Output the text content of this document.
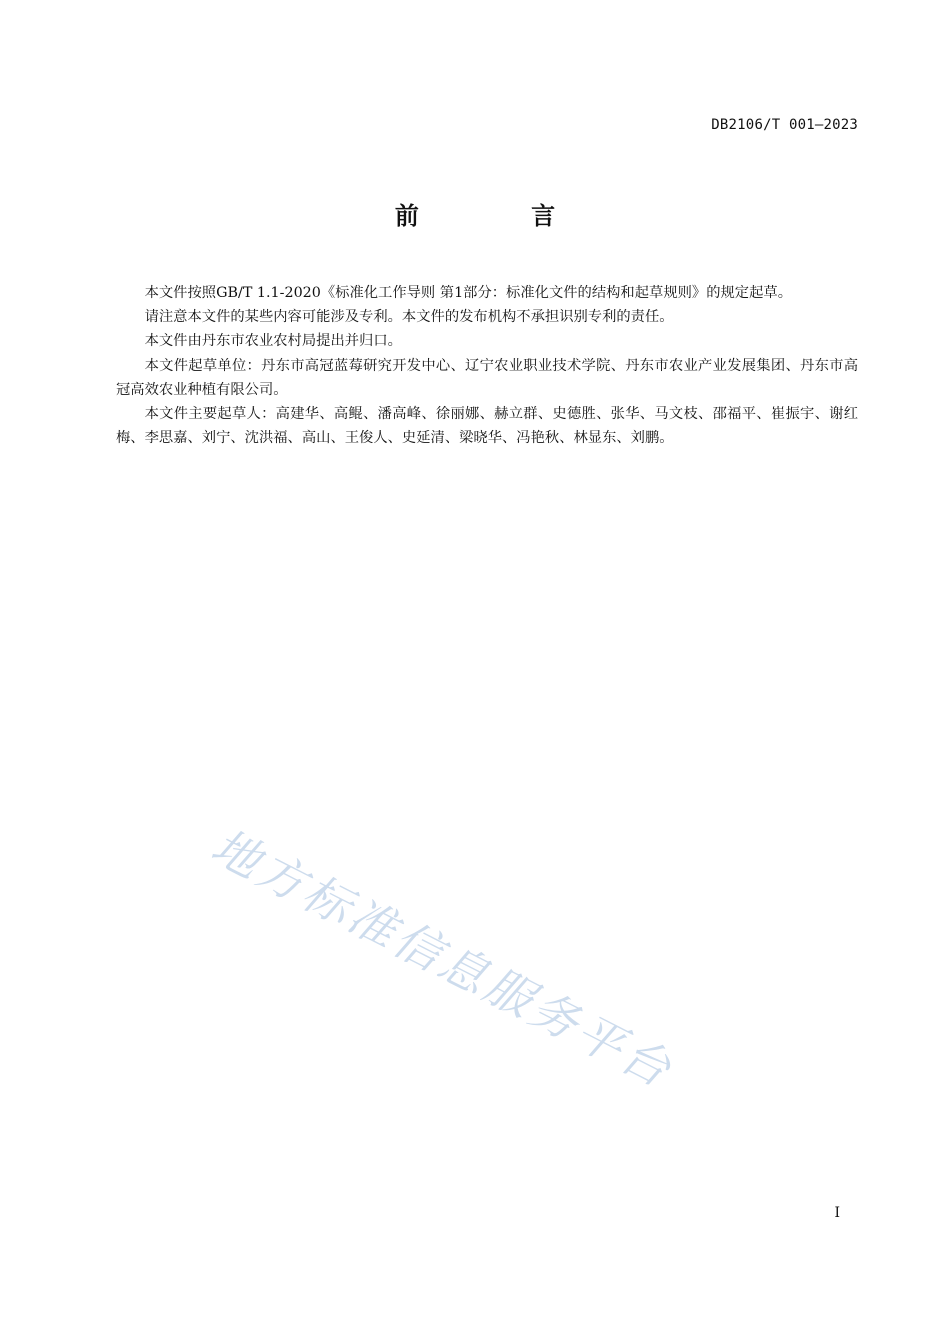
DB2106/T 001—2023
前 言

本文件按照GB/T 1.1-2020《标准化工作导则 第1部分：标准化文件的结构和起草规则》的规定起草。

请注意本文件的某些内容可能涉及专利。本文件的发布机构不承担识别专利的责任。

本文件由丹东市农业农村局提出并归口。

本文件起草单位：丹东市高冠蓝莓研究开发中心、辽宁农业职业技术学院、丹东市农业产业发展集团、丹东市高冠高效农业种植有限公司。

本文件主要起草人：高建华、高鲲、潘高峰、徐丽娜、赫立群、史德胜、张华、马文枝、邵福平、崔振宇、谢红梅、李思嘉、刘宁、沈洪福、高山、王俊人、史延清、梁晓华、冯艳秋、林显东、刘鹏。

地方标准信息服务平台
I
